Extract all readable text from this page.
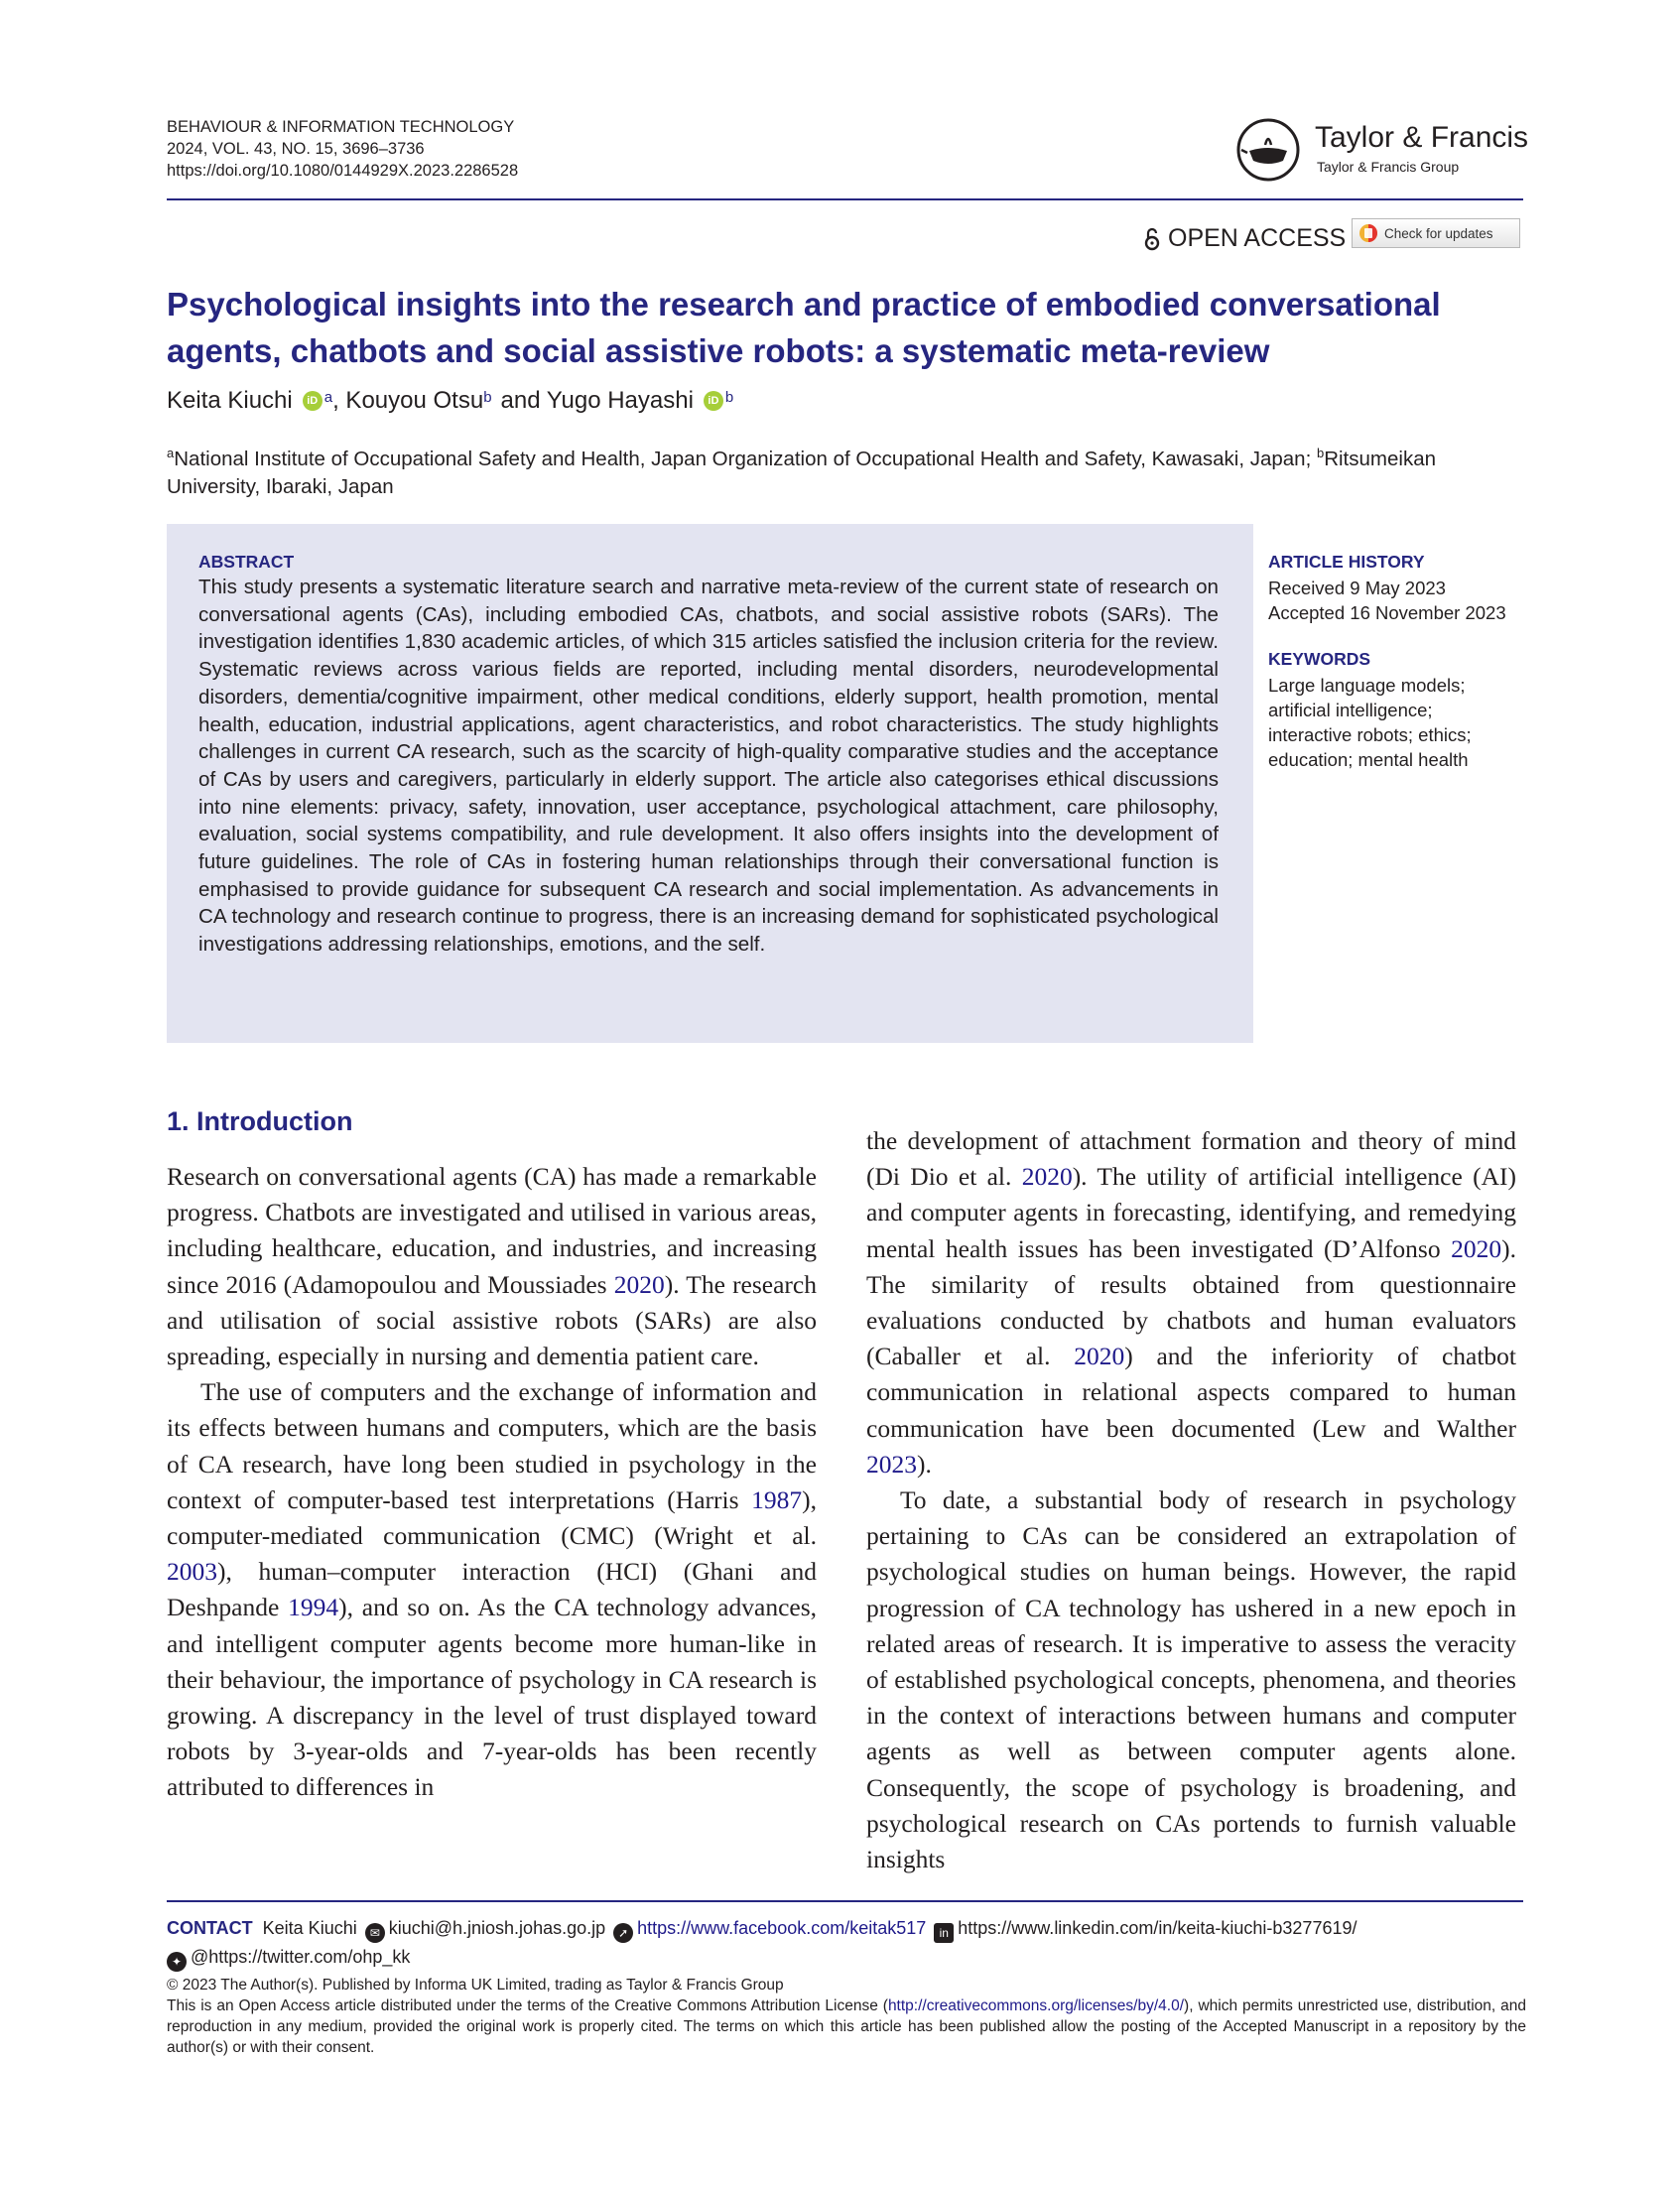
BEHAVIOUR & INFORMATION TECHNOLOGY
2024, VOL. 43, NO. 15, 3696–3736
https://doi.org/10.1080/0144929X.2023.2286528
Taylor & Francis
Taylor & Francis Group
OPEN ACCESS	Check for updates
Psychological insights into the research and practice of embodied conversational agents, chatbots and social assistive robots: a systematic meta-review
Keita Kiuchi	iD $^a$ , Kouyou Otsu$^b$ and Yugo Hayashi	iD $^b$
$^a$National Institute of Occupational Safety and Health, Japan Organization of Occupational Health and Safety, Kawasaki, Japan; $^b$Ritsumeikan University, Ibaraki, Japan
ABSTRACT
This study presents a systematic literature search and narrative meta-review of the current state of research on conversational agents (CAs), including embodied CAs, chatbots, and social assistive robots (SARs). The investigation identifies 1,830 academic articles, of which 315 articles satisfied the inclusion criteria for the review. Systematic reviews across various fields are reported, including mental disorders, neurodevelopmental disorders, dementia/cognitive impairment, other medical conditions, elderly support, health promotion, mental health, education, industrial applications, agent characteristics, and robot characteristics. The study highlights challenges in current CA research, such as the scarcity of high-quality comparative studies and the acceptance of CAs by users and caregivers, particularly in elderly support. The article also categorises ethical discussions into nine elements: privacy, safety, innovation, user acceptance, psychological attachment, care philosophy, evaluation, social systems compatibility, and rule development. It also offers insights into the development of future guidelines. The role of CAs in fostering human relationships through their conversational function is emphasised to provide guidance for subsequent CA research and social implementation. As advancements in CA technology and research continue to progress, there is an increasing demand for sophisticated psychological investigations addressing relationships, emotions, and the self.
ARTICLE HISTORY
Received 9 May 2023
Accepted 16 November 2023
KEYWORDS
Large language models;
artificial intelligence;
interactive robots; ethics;
education; mental health
1. Introduction

Research on conversational agents (CA) has made a remarkable progress. Chatbots are investigated and utilised in various areas, including healthcare, education, and industries, and increasing since 2016 (Adamopoulou and Moussiades 2020). The research and utilisation of social assistive robots (SARs) are also spreading, especially in nursing and dementia patient care.

The use of computers and the exchange of information and its effects between humans and computers, which are the basis of CA research, have long been studied in psychology in the context of computer-based test interpretations (Harris 1987), computer-mediated communication (CMC) (Wright et al. 2003), human–computer interaction (HCI) (Ghani and Deshpande 1994), and so on. As the CA technology advances, and intelligent computer agents become more human-like in their behaviour, the importance of psychology in CA research is growing. A discrepancy in the level of trust displayed toward robots by 3-year-olds and 7-year-olds has been recently attributed to differences in

the development of attachment formation and theory of mind (Di Dio et al. 2020). The utility of artificial intelligence (AI) and computer agents in forecasting, identifying, and remedying mental health issues has been investigated (D’Alfonso 2020). The similarity of results obtained from questionnaire evaluations conducted by chatbots and human evaluators (Caballer et al. 2020) and the inferiority of chatbot communication in relational aspects compared to human communication have been documented (Lew and Walther 2023).

To date, a substantial body of research in psychology pertaining to CAs can be considered an extrapolation of psychological studies on human beings. However, the rapid progression of CA technology has ushered in a new epoch in related areas of research. It is imperative to assess the veracity of established psychological concepts, phenomena, and theories in the context of interactions between humans and computer agents as well as between computer agents alone. Consequently, the scope of psychology is broadening, and psychological research on CAs portends to furnish valuable insights

CONTACT Keita Kiuchi ✉ kiuchi@h.jniosh.johas.go.jp ➚ https://www.facebook.com/keitak517 in https://www.linkedin.com/in/keita-kiuchi-b3277619/
✦ @https://twitter.com/ohp_kk
© 2023 The Author(s). Published by Informa UK Limited, trading as Taylor & Francis Group
This is an Open Access article distributed under the terms of the Creative Commons Attribution License (http://creativecommons.org/licenses/by/4.0/), which permits unrestricted use, distribution, and reproduction in any medium, provided the original work is properly cited. The terms on which this article has been published allow the posting of the Accepted Manuscript in a repository by the author(s) or with their consent.
